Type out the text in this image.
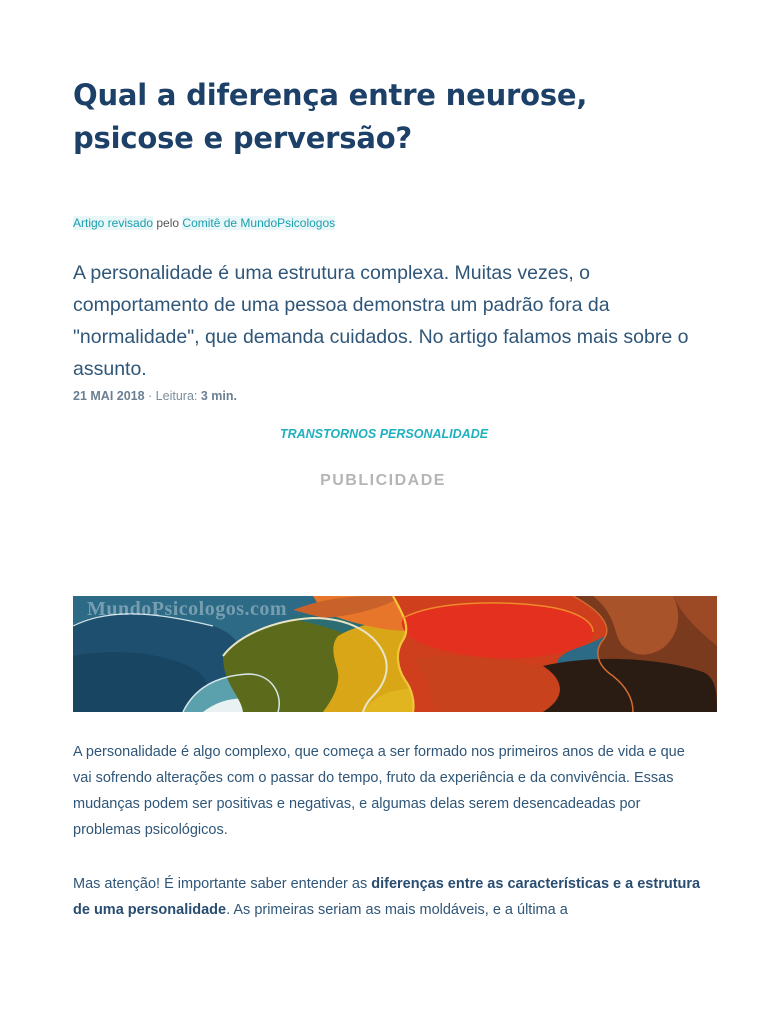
Qual a diferença entre neurose, psicose e perversão?
Artigo revisado pelo Comitê de MundoPsicologos

A personalidade é uma estrutura complexa. Muitas vezes, o comportamento de uma pessoa demonstra um padrão fora da "normalidade", que demanda cuidados. No artigo falamos mais sobre o assunto.

21 MAI 2018 · Leitura: 3 min.
TRANSTORNOS PERSONALIDADE
PUBLICIDADE
MundoPsicologos.com

A personalidade é algo complexo, que começa a ser formado nos primeiros anos de vida e que vai sofrendo alterações com o passar do tempo, fruto da experiência e da convivência. Essas mudanças podem ser positivas e negativas, e algumas delas serem desencadeadas por problemas psicológicos.

Mas atenção! É importante saber entender as diferenças entre as características e a estrutura de uma personalidade. As primeiras seriam as mais moldáveis, e a última a
